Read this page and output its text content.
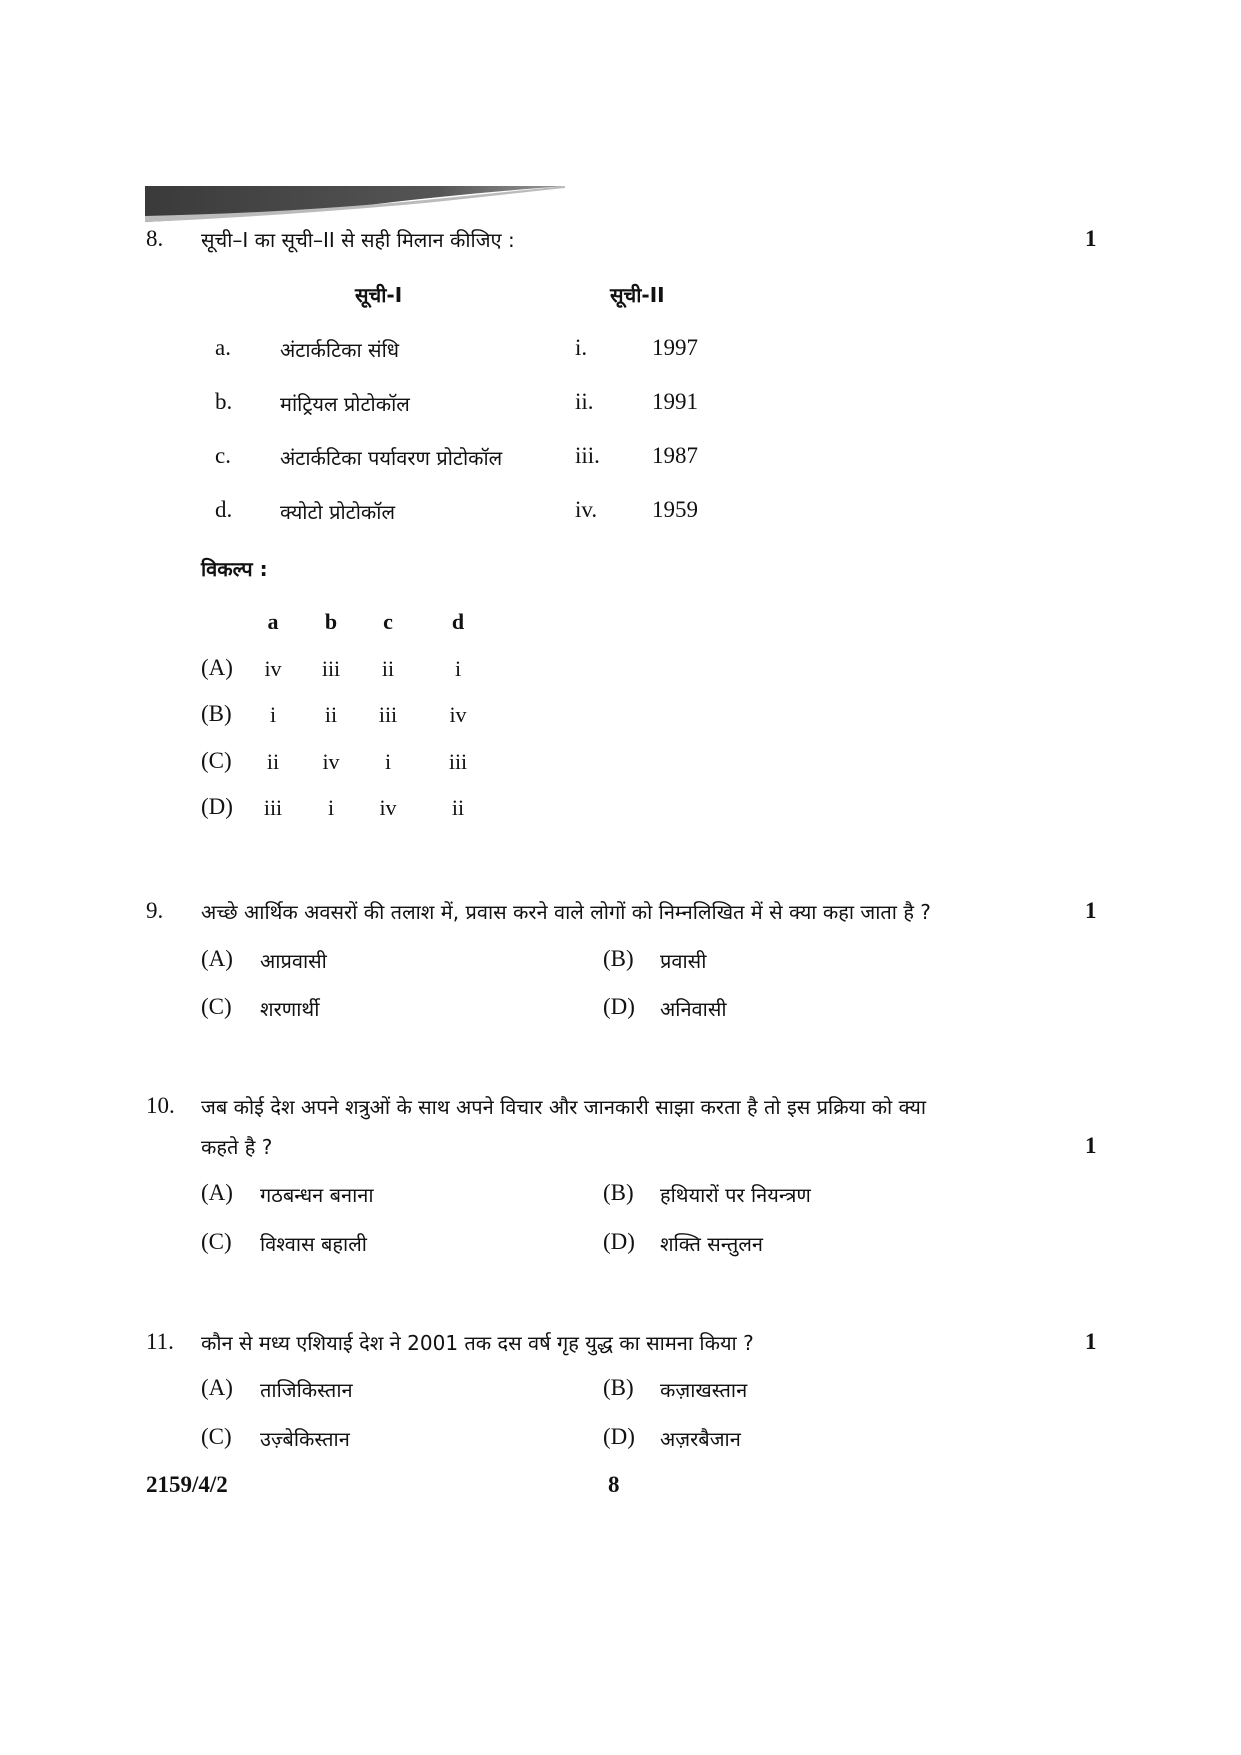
8. सूची–I का सूची–II से सही मिलान कीजिए :	1
सूची-I	सूची-II
a. अंटार्कटिका संधि	i.	1997
b. मांट्रियल प्रोटोकॉल	ii.	1991
c. अंटार्कटिका पर्यावरण प्रोटोकॉल	iii. 1987
d. क्योटो प्रोटोकॉल	iv. 1959
विकल्प :
a	b	c	d
(A)	iv	iii	ii	i
(B)	i	ii	iii	iv
(C)	ii	iv	i	iii
(D)	iii	i	iv	ii
9. अच्छे आर्थिक अवसरों की तलाश में, प्रवास करने वाले लोगों को निम्नलिखित में से क्या कहा जाता है ?	1
(A) आप्रवासी	(B) प्रवासी
(C) शरणार्थी	(D) अनिवासी
10. जब कोई देश अपने शत्रुओं के साथ अपने विचार और जानकारी साझा करता है तो इस प्रक्रिया को क्या
कहते है ?	1
(A) गठबन्धन बनाना	(B) हथियारों पर नियन्त्रण
(C) विश्वास बहाली	(D) शक्ति सन्तुलन
11. कौन से मध्य एशियाई देश ने 2001 तक दस वर्ष गृह युद्ध का सामना किया ?	1
(A) ताजिकिस्तान	(B) कज़ाखस्तान
(C) उज़्बेकिस्तान	(D) अज़रबैजान
2159/4/2	8
